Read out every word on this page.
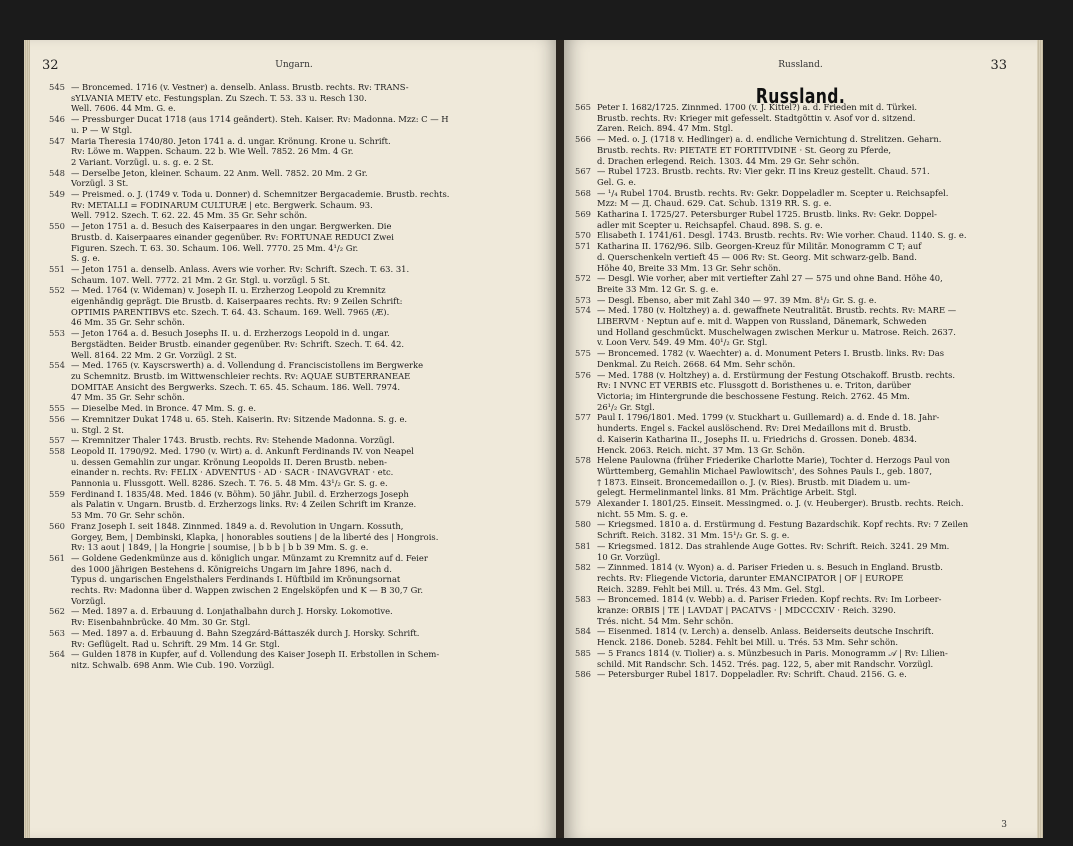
32	Ungarn.
545 — Broncemed. 1716 (v. Vestner) a. denselb. Anlass. Brustb. rechts. Rv: TRANS-
sYLVANIA METV etc. Festungsplan. Zu Szech. T. 53. 33 u. Resch 130.
Well. 7606. 44 Mm. G. e.
546 — Pressburger Ducat 1718 (aus 1714 geändert). Steh. Kaiser. Rv: Madonna. Mzz: C — H
u. P — W Stgl.
547 Maria Theresia 1740/80. Jeton 1741 a. d. ungar. Krönung. Krone u. Schrift.
Rv: Löwe m. Wappen. Schaum. 22 b. Wie Well. 7852. 26 Mm. 4 Gr.
2 Variant. Vorzügl. u. s. g. e. 2 St.
548 — Derselbe Jeton, kleiner. Schaum. 22 Anm. Well. 7852. 20 Mm. 2 Gr.
Vorzügl. 3 St.
549 — Preismed. o. J. (1749 v. Toda u. Donner) d. Schemnitzer Bergacademie. Brustb. rechts.
Rv: METALLI = FODINARUM CULTURÆ | etc. Bergwerk. Schaum. 93.
Well. 7912. Szech. T. 62. 22. 45 Mm. 35 Gr. Sehr schön.
550 — Jeton 1751 a. d. Besuch des Kaiserpaares in den ungar. Bergwerken. Die
Brustb. d. Kaiserpaares einander gegenüber. Rv: FORTUNAE REDUCI Zwei
Figuren. Szech. T. 63. 30. Schaum. 106. Well. 7770. 25 Mm. 4¹/₂ Gr.
S. g. e.
551 — Jeton 1751 a. denselb. Anlass. Avers wie vorher. Rv: Schrift. Szech. T. 63. 31.
Schaum. 107. Well. 7772. 21 Mm. 2 Gr. Stgl. u. vorzügl. 5 St.
552 — Med. 1764 (v. Wideman) v. Joseph II. u. Erzherzog Leopold zu Kremnitz
eigenhändig geprägt. Die Brustb. d. Kaiserpaares rechts. Rv: 9 Zeilen Schrift:
OPTIMIS PARENTIBVS etc. Szech. T. 64. 43. Schaum. 169. Well. 7965 (Æ).
46 Mm. 35 Gr. Sehr schön.
553 — Jeton 1764 a. d. Besuch Josephs II. u. d. Erzherzogs Leopold in d. ungar.
Bergstädten. Beider Brustb. einander gegenüber. Rv: Schrift. Szech. T. 64. 42.
Well. 8164. 22 Mm. 2 Gr. Vorzügl. 2 St.
554 — Med. 1765 (v. Kayscrswerth) a. d. Vollendung d. Franciscistollens im Bergwerke
zu Schemnitz. Brustb. im Wittwenschleier rechts. Rv: AQUAE SUBTERRANEAE
DOMITAE Ansicht des Bergwerks. Szech. T. 65. 45. Schaum. 186. Well. 7974.
47 Mm. 35 Gr. Sehr schön.
555 — Dieselbe Med. in Bronce. 47 Mm. S. g. e.
556 — Kremnitzer Dukat 1748 u. 65. Steh. Kaiserin. Rv: Sitzende Madonna. S. g. e.
u. Stgl. 2 St.
557 — Kremnitzer Thaler 1743. Brustb. rechts. Rv: Stehende Madonna. Vorzügl.
558 Leopold II. 1790/92. Med. 1790 (v. Wirt) a. d. Ankunft Ferdinands IV. von Neapel
u. dessen Gemahlin zur ungar. Krönung Leopolds II. Deren Brustb. neben-
einander n. rechts. Rv: FELIX · ADVENTUS · AD · SACR · INAVGVRAT · etc.
Pannonia u. Flussgott. Well. 8286. Szech. T. 76. 5. 48 Mm. 43¹/₂ Gr. S. g. e.
559 Ferdinand I. 1835/48. Med. 1846 (v. Böhm). 50 jähr. Jubil. d. Erzherzogs Joseph
als Palatin v. Ungarn. Brustb. d. Erzherzogs links. Rv: 4 Zeilen Schrift im Kranze.
53 Mm. 70 Gr. Sehr schön.
560 Franz Joseph I. seit 1848. Zinnmed. 1849 a. d. Revolution in Ungarn. Kossuth,
Gorgey, Bem, | Dembinski, Klapka, | honorables soutiens | de la liberté des | Hongrois.
Rv: 13 aout | 1849, | la Hongrie | soumise, | b b b | b b 39 Mm. S. g. e.
561 — Goldene Gedenkmünze aus d. königlich ungar. Münzamt zu Kremnitz auf d. Feier
des 1000 jährigen Bestehens d. Königreichs Ungarn im Jahre 1896, nach d.
Typus d. ungarischen Engelsthalers Ferdinands I. Hüftbild im Krönungsornat
rechts. Rv: Madonna über d. Wappen zwischen 2 Engelsköpfen und K — B 30,7 Gr.
Vorzügl.
562 — Med. 1897 a. d. Erbauung d. Lonjathalbahn durch J. Horsky. Lokomotive.
Rv: Eisenbahnbrücke. 40 Mm. 30 Gr. Stgl.
563 — Med. 1897 a. d. Erbauung d. Bahn Szegzárd-Báttaszék durch J. Horsky. Schrift.
Rv: Geflügelt. Rad u. Schrift. 29 Mm. 14 Gr. Stgl.
564 — Gulden 1878 in Kupfer, auf d. Vollendung des Kaiser Joseph II. Erbstollen in Schem-
nitz. Schwalb. 698 Anm. Wie Cub. 190. Vorzügl.
Russland.	33
Russland.
565 Peter I. 1682/1725. Zinnmed. 1700 (v. J. Kittel?) a. d. Frieden mit d. Türkei.
Brustb. rechts. Rv: Krieger mit gefesselt. Stadtgöttin v. Asof vor d. sitzend.
Zaren. Reich. 894. 47 Mm. Stgl.
566 — Med. o. J. (1718 v. Hedlinger) a. d. endliche Vernichtung d. Strelitzen. Geharn.
Brustb. rechts. Rv: PIETATE ET FORTITVDINE · St. Georg zu Pferde,
d. Drachen erlegend. Reich. 1303. 44 Mm. 29 Gr. Sehr schön.
567 — Rubel 1723. Brustb. rechts. Rv: Vier gekr. П ins Kreuz gestellt. Chaud. 571.
Gel. G. e.
568 — ¹/₄ Rubel 1704. Brustb. rechts. Rv: Gekr. Doppeladler m. Scepter u. Reichsapfel.
Mzz: M — Д. Chaud. 629. Cat. Schub. 1319 RR. S. g. e.
569 Katharina I. 1725/27. Petersburger Rubel 1725. Brustb. links. Rv: Gekr. Doppel-
adler mit Scepter u. Reichsapfel. Chaud. 898. S. g. e.
570 Elisabeth I. 1741/61. Desgl. 1743. Brustb. rechts. Rv: Wie vorher. Chaud. 1140. S. g. e.
571 Katharina II. 1762/96. Silb. Georgen-Kreuz für Militär. Monogramm C T; auf
d. Querschenkeln vertieft 45 — 006 Rv: St. Georg. Mit schwarz-gelb. Band.
Höhe 40, Breite 33 Mm. 13 Gr. Sehr schön.
572 — Desgl. Wie vorher, aber mit vertiefter Zahl 27 — 575 und ohne Band. Höhe 40,
Breite 33 Mm. 12 Gr. S. g. e.
573 — Desgl. Ebenso, aber mit Zahl 340 — 97. 39 Mm. 8¹/₂ Gr. S. g. e.
574 — Med. 1780 (v. Holtzhey) a. d. gewaffnete Neutralität. Brustb. rechts. Rv: MARE —
LIBERVM · Neptun auf e. mit d. Wappen von Russland, Dänemark, Schweden
und Holland geschmückt. Muschelwagen zwischen Merkur u. Matrose. Reich. 2637.
v. Loon Verv. 549. 49 Mm. 40¹/₂ Gr. Stgl.
575 — Broncemed. 1782 (v. Waechter) a. d. Monument Peters I. Brustb. links. Rv: Das
Denkmal. Zu Reich. 2668. 64 Mm. Sehr schön.
576 — Med. 1788 (v. Holtzhey) a. d. Erstürmung der Festung Otschakoff. Brustb. rechts.
Rv: I NVNC ET VERBIS etc. Flussgott d. Boristhenes u. e. Triton, darüber
Victoria; im Hintergrunde die beschossene Festung. Reich. 2762. 45 Mm.
26¹/₂ Gr. Stgl.
577 Paul I. 1796/1801. Med. 1799 (v. Stuckhart u. Guillemard) a. d. Ende d. 18. Jahr-
hunderts. Engel s. Fackel auslöschend. Rv: Drei Medaillons mit d. Brustb.
d. Kaiserin Katharina II., Josephs II. u. Friedrichs d. Grossen. Doneb. 4834.
Henck. 2063. Reich. nicht. 37 Mm. 13 Gr. Schön.
578 Helene Paulowna (früher Friederike Charlotte Marie), Tochter d. Herzogs Paul von
Württemberg, Gemahlin Michael Pawlowitsch', des Sohnes Pauls I., geb. 1807,
† 1873. Einseit. Broncemedaillon o. J. (v. Ries). Brustb. mit Diadem u. um-
gelegt. Hermelinmantel links. 81 Mm. Prächtige Arbeit. Stgl.
579 Alexander I. 1801/25. Einseit. Messingmed. o. J. (v. Heuberger). Brustb. rechts. Reich.
nicht. 55 Mm. S. g. e.
580 — Kriegsmed. 1810 a. d. Erstürmung d. Festung Bazardschik. Kopf rechts. Rv: 7 Zeilen
Schrift. Reich. 3182. 31 Mm. 15¹/₂ Gr. S. g. e.
581 — Kriegsmed. 1812. Das strahlende Auge Gottes. Rv: Schrift. Reich. 3241. 29 Mm.
10 Gr. Vorzügl.
582 — Zinnmed. 1814 (v. Wyon) a. d. Pariser Frieden u. s. Besuch in England. Brustb.
rechts. Rv: Fliegende Victoria, darunter EMANCIPATOR | OF | EUROPE
Reich. 3289. Fehlt bei Mill. u. Trés. 43 Mm. Gel. Stgl.
583 — Broncemed. 1814 (v. Webb) a. d. Pariser Frieden. Kopf rechts. Rv: Im Lorbeer-
kranze: ORBIS | TE | LAVDAT | PACATVS · | MDCCCXIV · Reich. 3290.
Trés. nicht. 54 Mm. Sehr schön.
584 — Eisenmed. 1814 (v. Lerch) a. denselb. Anlass. Beiderseits deutsche Inschrift.
Henck. 2186. Doneb. 5284. Fehlt bei Mill. u. Trés. 53 Mm. Sehr schön.
585 — 5 Francs 1814 (v. Tiolier) a. s. Münzbesuch in Paris. Monogramm 𝒜 | Rv: Lilien-
schild. Mit Randschr. Sch. 1452. Trés. pag. 122, 5, aber mit Randschr. Vorzügl.
586 — Petersburger Rubel 1817. Doppeladler. Rv: Schrift. Chaud. 2156. G. e.
3
